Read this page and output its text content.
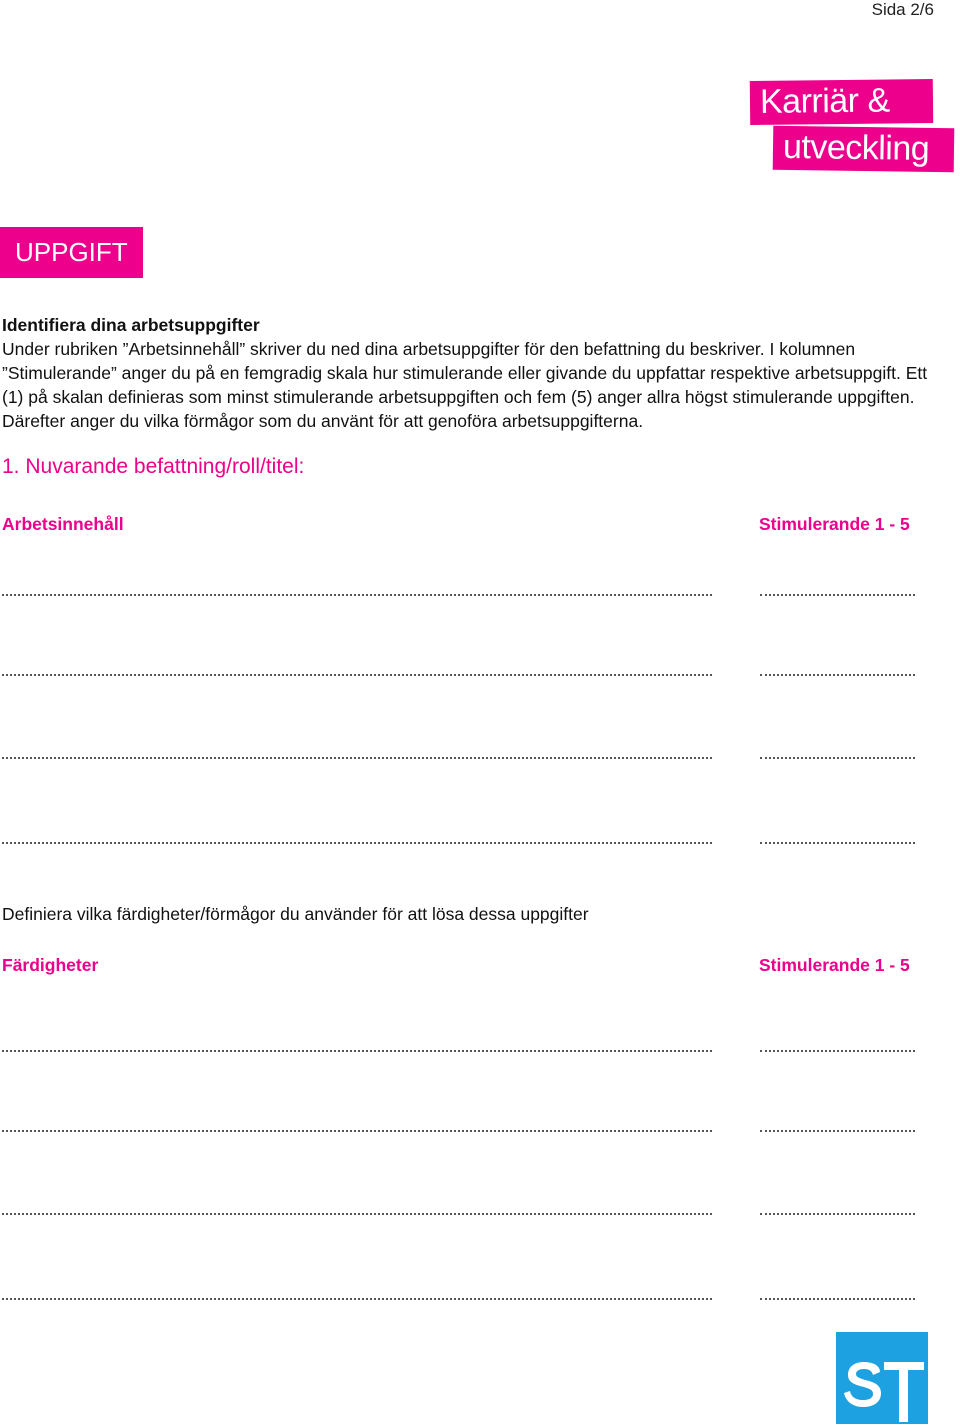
Sida 2/6
Karriär &
utveckling
UPPGIFT
Identifiera dina arbetsuppgifter
Under rubriken ”Arbetsinnehåll” skriver du ned dina arbetsuppgifter för den befattning du beskriver. I kolumnen ”Stimulerande” anger du på en femgradig skala hur stimulerande eller givande du uppfattar respektive arbetsuppgift. Ett (1) på skalan definieras som minst stimulerande arbetsuppgiften och fem (5) anger allra högst stimulerande uppgiften. Därefter anger du vilka förmågor som du använt för att genoföra arbetsuppgifterna.
1. Nuvarande befattning/roll/titel:
Arbetsinnehåll	Stimulerande 1 - 5
Definiera vilka färdigheter/förmågor du använder för att lösa dessa uppgifter
Färdigheter	Stimulerande 1 - 5
